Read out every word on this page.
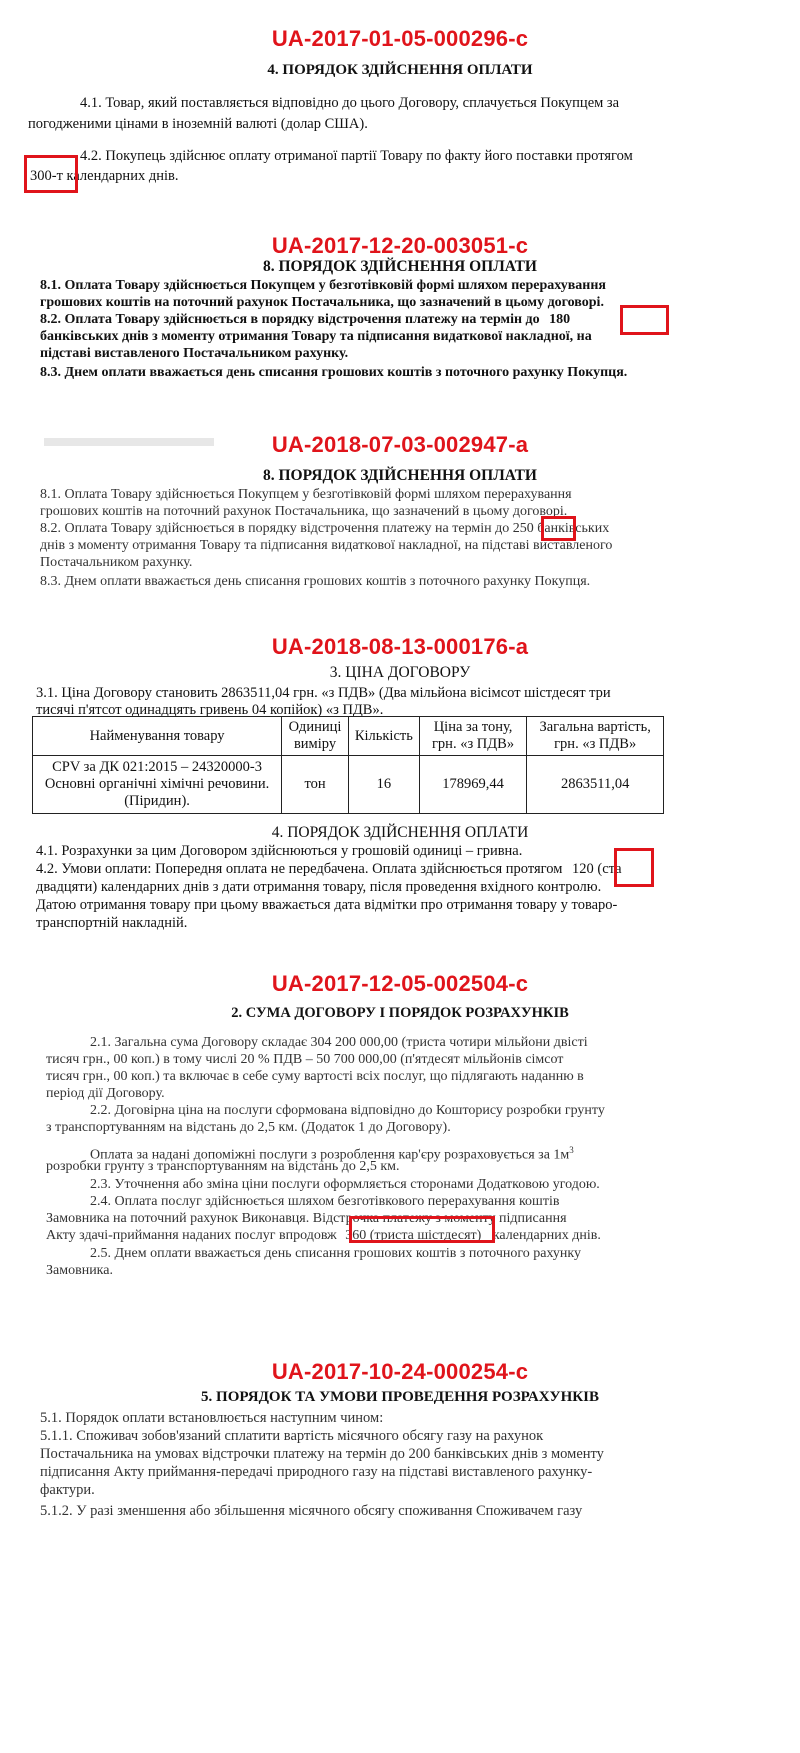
UA-2017-01-05-000296-c
4. ПОРЯДОК ЗДІЙСНЕННЯ ОПЛАТИ
4.1. Товар, який поставляється відповідно до цього Договору, сплачується Покупцем за
погодженими цінами в іноземній валюті (долар США).
4.2. Покупець здійснює оплату отриманої партії Товару по факту його поставки протягом
300-т календарних днів.
UA-2017-12-20-003051-c
8. ПОРЯДОК ЗДІЙСНЕННЯ ОПЛАТИ
8.1. Оплата Товару здійснюється Покупцем у безготівковій формі шляхом перерахування
грошових коштів на поточний рахунок Постачальника, що зазначений в цьому договорі.
8.2. Оплата Товару здійснюється в порядку відстрочення платежу на термін до 180
банківських днів з моменту отримання Товару та підписання видаткової накладної, на
підставі виставленого Постачальником рахунку.
8.3. Днем оплати вважається день списання грошових коштів з поточного рахунку Покупця.
UA-2018-07-03-002947-a
8. ПОРЯДОК ЗДІЙСНЕННЯ ОПЛАТИ
8.1. Оплата Товару здійснюється Покупцем у безготівковій формі шляхом перерахування
грошових коштів на поточний рахунок Постачальника, що зазначений в цьому договорі.
8.2. Оплата Товару здійснюється в порядку відстрочення платежу на термін до 250 банківських
днів з моменту отримання Товару та підписання видаткової накладної, на підставі виставленого
Постачальником рахунку.
8.3. Днем оплати вважається день списання грошових коштів з поточного рахунку Покупця.
UA-2018-08-13-000176-a
3. ЦІНА ДОГОВОРУ
3.1. Ціна Договору становить 2863511,04 грн. «з ПДВ» (Два мільйона вісімсот шістдесят три
тисячі п'ятсот одинадцять гривень 04 копійок) «з ПДВ».
Найменування товару	Одиниці виміру	Кількість	Ціна за тону, грн. «з ПДВ»	Загальна вартість, грн. «з ПДВ»
CPV за ДК 021:2015 – 24320000-3 Основні органічні хімічні речовини. (Піридин).	тон	16	178969,44	2863511,04
4. ПОРЯДОК ЗДІЙСНЕННЯ ОПЛАТИ
4.1. Розрахунки за цим Договором здійснюються у грошовій одиниці – гривна.
4.2. Умови оплати: Попередня оплата не передбачена. Оплата здійснюється протягом 120 (ста
двадцяти) календарних днів з дати отримання товару, після проведення вхідного контролю.
Датою отримання товару при цьому вважається дата відмітки про отримання товару у товаро-
транспортній накладній.
UA-2017-12-05-002504-c
2. СУМА ДОГОВОРУ І ПОРЯДОК РОЗРАХУНКІВ
2.1. Загальна сума Договору складає 304 200 000,00 (триста чотири мільйони двісті
тисяч грн., 00 коп.) в тому числі 20 % ПДВ – 50 700 000,00 (п'ятдесят мільйонів сімсот
тисяч грн., 00 коп.) та включає в себе суму вартості всіх послуг, що підлягають наданню в
період дії Договору.
2.2. Договірна ціна на послуги сформована відповідно до Кошторису розробки грунту
з транспортуванням на відстань до 2,5 км. (Додаток 1 до Договору).
Оплата за надані допоміжні послуги з розроблення кар'єру розраховується за $1м^3$
розробки грунту з транспортуванням на відстань до 2,5 км.
2.3. Уточнення або зміна ціни послуги оформляється сторонами Додатковою угодою.
2.4. Оплата послуг здійснюється шляхом безготівкового перерахування коштів
Замовника на поточний рахунок Виконавця. Відстрочка платежу з моменту підписання
Акту здачі-приймання наданих послуг впродовж 360 (триста шістдесят) календарних днів.
2.5. Днем оплати вважається день списання грошових коштів з поточного рахунку
Замовника.
UA-2017-10-24-000254-c
5. ПОРЯДОК ТА УМОВИ ПРОВЕДЕННЯ РОЗРАХУНКІВ
5.1. Порядок оплати встановлюється наступним чином:
5.1.1. Споживач зобов'язаний сплатити вартість місячного обсягу газу на рахунок
Постачальника на умовах відстрочки платежу на термін до 200 банківських днів з моменту
підписання Акту приймання-передачі природного газу на підставі виставленого рахунку-
фактури.
5.1.2. У разі зменшення або збільшення місячного обсягу споживання Споживачем газу
